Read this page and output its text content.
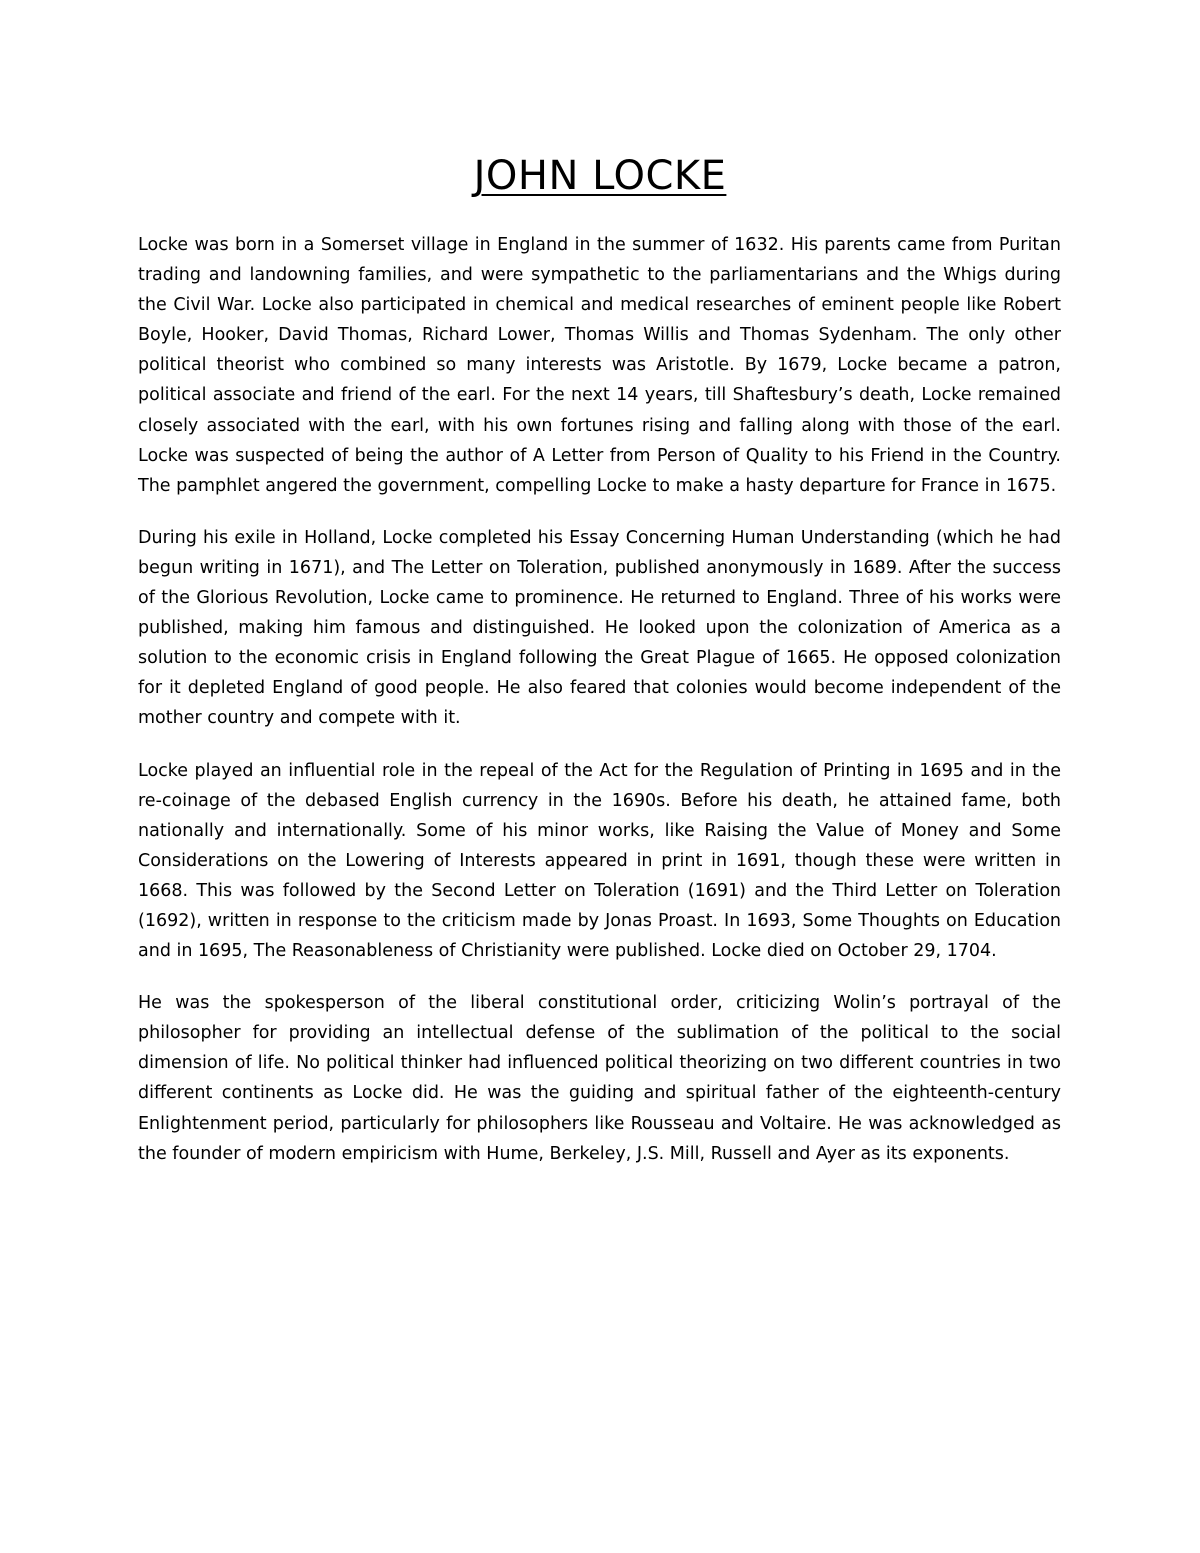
JOHN LOCKE

Locke was born in a Somerset village in England in the summer of 1632. His parents came from Puritan trading and landowning families, and were sympathetic to the parliamentarians and the Whigs during the Civil War. Locke also participated in chemical and medical researches of eminent people like Robert Boyle, Hooker, David Thomas, Richard Lower, Thomas Willis and Thomas Sydenham. The only other political theorist who combined so many interests was Aristotle. By 1679, Locke became a patron, political associate and friend of the earl. For the next 14 years, till Shaftesbury’s death, Locke remained closely associated with the earl, with his own fortunes rising and falling along with those of the earl. Locke was suspected of being the author of A Letter from Person of Quality to his Friend in the Country. The pamphlet angered the government, compelling Locke to make a hasty departure for France in 1675.

During his exile in Holland, Locke completed his Essay Concerning Human Understanding (which he had begun writing in 1671), and The Letter on Toleration, published anonymously in 1689. After the success of the Glorious Revolution, Locke came to prominence. He returned to England. Three of his works were published, making him famous and distinguished. He looked upon the colonization of America as a solution to the economic crisis in England following the Great Plague of 1665. He opposed colonization for it depleted England of good people. He also feared that colonies would become independent of the mother country and compete with it.

Locke played an influential role in the repeal of the Act for the Regulation of Printing in 1695 and in the re-coinage of the debased English currency in the 1690s. Before his death, he attained fame, both nationally and internationally. Some of his minor works, like Raising the Value of Money and Some Considerations on the Lowering of Interests appeared in print in 1691, though these were written in 1668. This was followed by the Second Letter on Toleration (1691) and the Third Letter on Toleration (1692), written in response to the criticism made by Jonas Proast. In 1693, Some Thoughts on Education and in 1695, The Reasonableness of Christianity were published. Locke died on October 29, 1704.

He was the spokesperson of the liberal constitutional order, criticizing Wolin’s portrayal of the philosopher for providing an intellectual defense of the sublimation of the political to the social dimension of life. No political thinker had influenced political theorizing on two different countries in two different continents as Locke did. He was the guiding and spiritual father of the eighteenth-century Enlightenment period, particularly for philosophers like Rousseau and Voltaire. He was acknowledged as the founder of modern empiricism with Hume, Berkeley, J.S. Mill, Russell and Ayer as its exponents.
